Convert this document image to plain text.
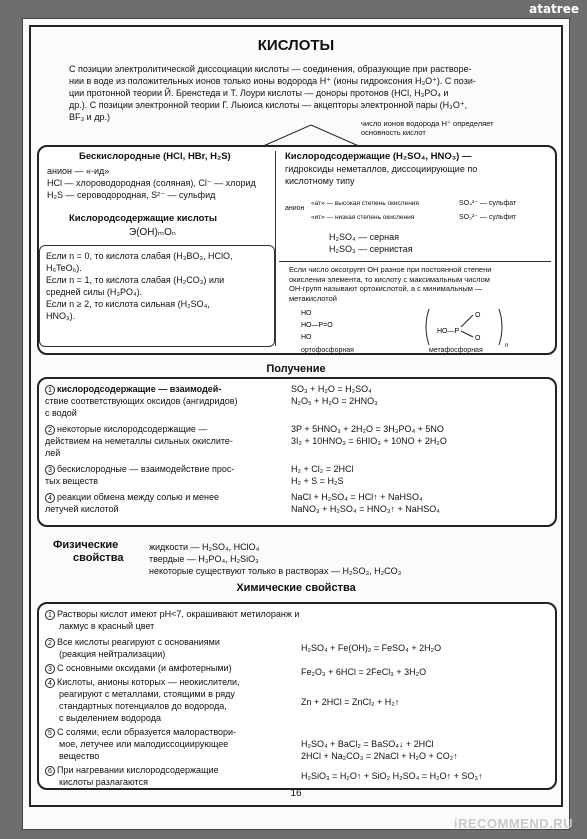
atatree
КИСЛОТЫ
С позиции электролитической диссоциации кислоты — соединения, образующие при растворе-
нии в воде из положительных ионов только ионы водорода H⁺ (ионы гидроксония H₃O⁺). С пози-
ции протонной теории Й. Бренстеда и Т. Лоури кислоты — доноры протонов (HCl, H₃PO₄ и
др.). С позиции электронной теории Г. Льюиса кислоты — акцепторы электронной пары (H₃O⁺,
BF₃ и др.)
число ионов водорода H⁺ определяет основность кислот
Бескислородные (HCl, HBr, H₂S)
анион — «-ид»
HCl — хлороводородная (соляная), Cl⁻ — хлорид
H₂S — сероводородная, S²⁻ — сульфид
Кислородсодержащие кислоты
Э(OH)ₘOₙ
Если n = 0, то кислота слабая (H₃BO₃, HClO,
H₆TeO₆).
Если n = 1, то кислота слабая (H₂CO₃) или
средней силы (H₃PO₄).
Если n ≥ 2, то кислота сильная (H₂SO₄,
HNO₃).
Кислородсодержащие (H₂SO₄, HNO₃) —
гидроксиды неметаллов, диссоциирующие по
кислотному типу
анион
«ат» — высокая степень окисления
«ит» — низкая степень окисления
SO₄²⁻ — сульфат
SO₃²⁻ — сульфит
H₂SO₄ — серная
H₂SO₃ — сернистая
Если число оксогрупп OH разное при постоянной степени
окисления элемента, то кислоту с максимальным числом
OH-групп называют ортокислотой, а с минимальным —
метакислотой
HO
HO—P=O
HO
HO—P
O
O
n
ортофосфорная	метафосфорная
Получение
1 кислородсодержащие — взаимодей-
ствие соответствующих оксидов (ангидридов)
с водой
2 некоторые кислородсодержащие —
действием на неметаллы сильных окислите-
лей
3 бескислородные — взаимодействие прос-
тых веществ
4 реакции обмена между солью и менее
летучей кислотой
SO₃ + H₂O = H₂SO₄
N₂O₅ + H₂O = 2HNO₃
3P + 5HNO₃ + 2H₂O = 3H₃PO₄ + 5NO
3I₂ + 10HNO₃ = 6HIO₃ + 10NO + 2H₂O
H₂ + Cl₂ = 2HCl
H₂ + S = H₂S
NaCl + H₂SO₄ = HCl↑ + NaHSO₄
NaNO₃ + H₂SO₄ = HNO₃↑ + NaHSO₄
Физические
свойства
жидкости — H₂SO₄, HClO₄
твердые — H₃PO₄, H₂SiO₃
некоторые существуют только в растворах — H₂SO₃, H₂CO₃
Химические свойства
1 Растворы кислот имеют pH<7, окрашивают метилоранж и
лакмус в красный цвет
2 Все кислоты реагируют с основаниями
(реакция нейтрализации)
3 С основными оксидами (и амфотерными)
4 Кислоты, анионы которых — неокислители,
реагируют с металлами, стоящими в ряду
стандартных потенциалов до водорода,
с выделением водорода
5 С солями, если образуется малораствори-
мое, летучее или малодиссоциирующее
вещество
6 При нагревании кислородсодержащие
кислоты разлагаются
H₂SO₄ + Fe(OH)₂ = FeSO₄ + 2H₂O
Fe₂O₃ + 6HCl = 2FeCl₃ + 3H₂O
Zn + 2HCl = ZnCl₂ + H₂↑
H₂SO₄ + BaCl₂ = BaSO₄↓ + 2HCl
2HCl + Na₂CO₃ = 2NaCl + H₂O + CO₂↑
H₂SiO₃ = H₂O↑ + SiO₂ H₂SO₄ = H₂O↑ + SO₃↑
16
iRECOMMEND.RU
